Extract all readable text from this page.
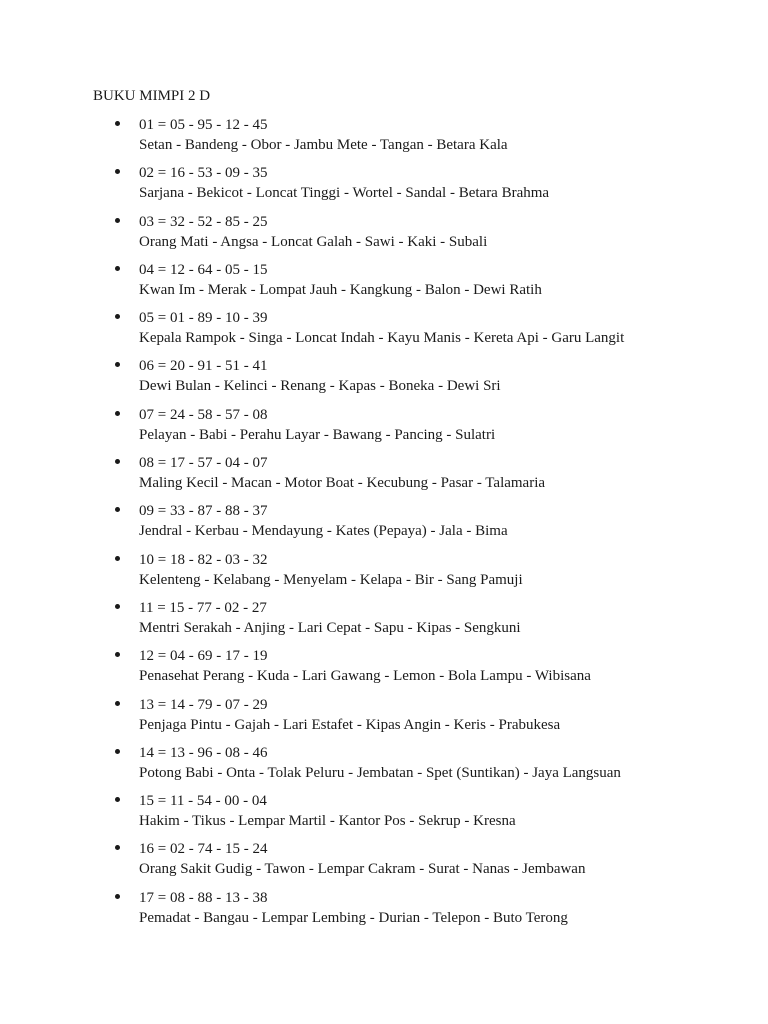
BUKU MIMPI 2 D
01 = 05 - 95 - 12 - 45
Setan - Bandeng - Obor - Jambu Mete - Tangan - Betara Kala
02 = 16 - 53 - 09 - 35
Sarjana - Bekicot - Loncat Tinggi - Wortel - Sandal - Betara Brahma
03 = 32 - 52 - 85 - 25
Orang Mati - Angsa - Loncat Galah - Sawi - Kaki - Subali
04 = 12 - 64 - 05 - 15
Kwan Im - Merak - Lompat Jauh - Kangkung - Balon - Dewi Ratih
05 = 01 - 89 - 10 - 39
Kepala Rampok - Singa - Loncat Indah - Kayu Manis - Kereta Api - Garu Langit
06 = 20 - 91 - 51 - 41
Dewi Bulan - Kelinci - Renang - Kapas - Boneka - Dewi Sri
07 = 24 - 58 - 57 - 08
Pelayan - Babi - Perahu Layar - Bawang - Pancing - Sulatri
08 = 17 - 57 - 04 - 07
Maling Kecil - Macan - Motor Boat - Kecubung - Pasar - Talamaria
09 = 33 - 87 - 88 - 37
Jendral - Kerbau - Mendayung - Kates (Pepaya) - Jala - Bima
10 = 18 - 82 - 03 - 32
Kelenteng - Kelabang - Menyelam - Kelapa - Bir - Sang Pamuji
11 = 15 - 77 - 02 - 27
Mentri Serakah - Anjing - Lari Cepat - Sapu - Kipas - Sengkuni
12 = 04 - 69 - 17 - 19
Penasehat Perang - Kuda - Lari Gawang - Lemon - Bola Lampu - Wibisana
13 = 14 - 79 - 07 - 29
Penjaga Pintu - Gajah - Lari Estafet - Kipas Angin - Keris - Prabukesa
14 = 13 - 96 - 08 - 46
Potong Babi - Onta - Tolak Peluru - Jembatan - Spet (Suntikan) - Jaya Langsuan
15 = 11 - 54 - 00 - 04
Hakim - Tikus - Lempar Martil - Kantor Pos - Sekrup - Kresna
16 = 02 - 74 - 15 - 24
Orang Sakit Gudig - Tawon - Lempar Cakram - Surat - Nanas - Jembawan
17 = 08 - 88 - 13 - 38
Pemadat - Bangau - Lempar Lembing - Durian - Telepon - Buto Terong
